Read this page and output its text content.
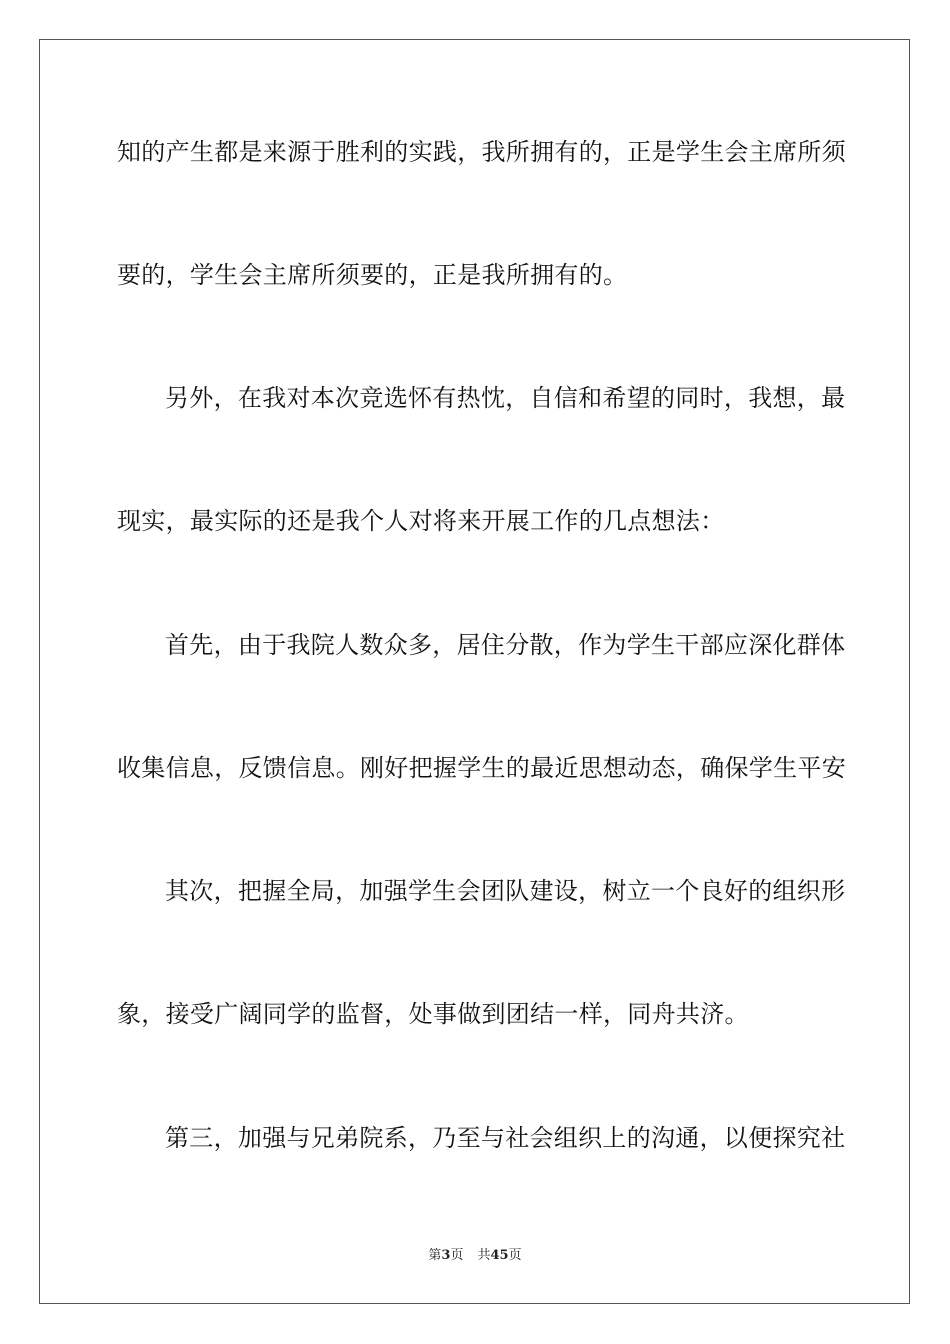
知的产生都是来源于胜利的实践，我所拥有的，正是学生会主席所须
要的，学生会主席所须要的，正是我所拥有的。
另外，在我对本次竞选怀有热忱，自信和希望的同时，我想，最
现实，最实际的还是我个人对将来开展工作的几点想法：
首先，由于我院人数众多，居住分散，作为学生干部应深化群体
收集信息，反馈信息。刚好把握学生的最近思想动态，确保学生平安
其次，把握全局，加强学生会团队建设，树立一个良好的组织形
象，接受广阔同学的监督，处事做到团结一样，同舟共济。
第三，加强与兄弟院系，乃至与社会组织上的沟通，以便探究社
第3页 共45页
